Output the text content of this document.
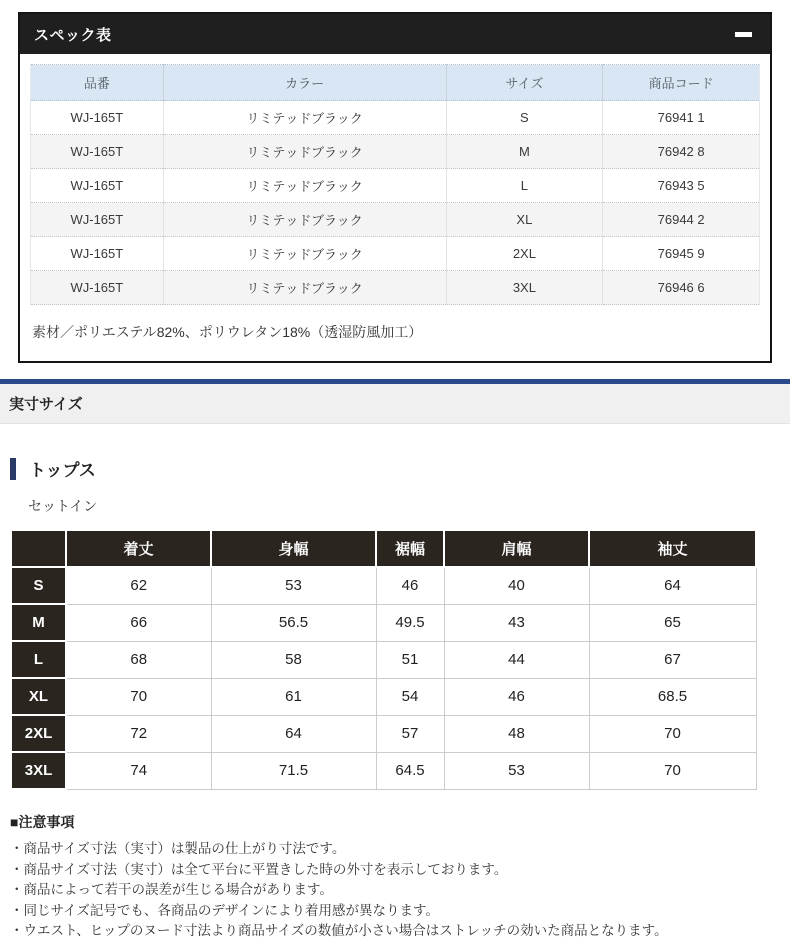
スペック表
品番	カラー	サイズ	商品コード
WJ-165T	リミテッドブラック	S	76941 1
WJ-165T	リミテッドブラック	M	76942 8
WJ-165T	リミテッドブラック	L	76943 5
WJ-165T	リミテッドブラック	XL	76944 2
WJ-165T	リミテッドブラック	2XL	76945 9
WJ-165T	リミテッドブラック	3XL	76946 6
素材／ポリエステル82%、ポリウレタン18%（透湿防風加工）
実寸サイズ
トップス
セットイン
	着丈	身幅	裾幅	肩幅	袖丈
S	62	53	46	40	64
M	66	56.5	49.5	43	65
L	68	58	51	44	67
XL	70	61	54	46	68.5
2XL	72	64	57	48	70
3XL	74	71.5	64.5	53	70
■注意事項
・商品サイズ寸法（実寸）は製品の仕上がり寸法です。
・商品サイズ寸法（実寸）は全て平台に平置きした時の外寸を表示しております。
・商品によって若干の誤差が生じる場合があります。
・同じサイズ記号でも、各商品のデザインにより着用感が異なります。
・ウエスト、ヒップのヌード寸法より商品サイズの数値が小さい場合はストレッチの効いた商品となります。
